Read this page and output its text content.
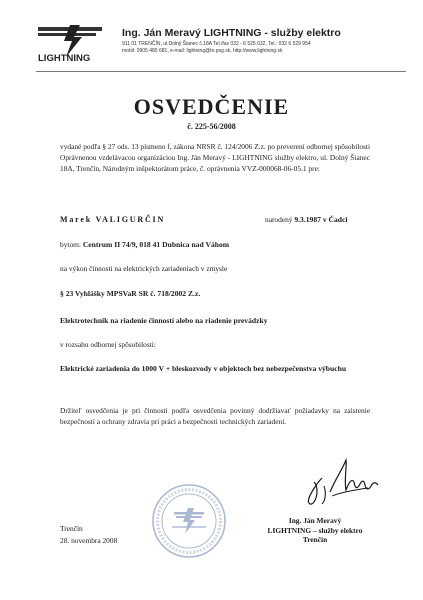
LIGHTNING
Ing. Ján Meravý LIGHTNING - služby elektro
911 01 TRENČÍN, ul.Dolný Šianec č.18A Tel./fax 032 - 6 525 032, Tel.: 032 6 529 954
mobil: 0905 480 681, e-mail: lightning@tn.psg.sk, http://www.lightning.sk
OSVEDČENIE
č. 225-56/2008
vydané podľa § 27 ods. 13 písmeno f, zákona NRSR č. 124/2006 Z.z. po preverení odbornej spôsobilosti Oprávnenou vzdelávacou organizáciou Ing. Ján Meravý - LIGHTNING služby elektro, ul. Dolný Šianec 18A, Trenčín, Národným inšpektorátom práce, č. oprávnenia VVZ-000068-06-05.1 pre:
Marek VALIGURČIN	narodený 9.3.1987 v Čadci
bytom: Centrum II 74/9, 018 41 Dubnica nad Váhom
na výkon činnosti na elektrických zariadeniach v zmysle
§ 23 Vyhlášky MPSVaR SR č. 718/2002 Z.z.
Elektrotechnik na riadenie činností alebo na riadenie prevádzky
v rozsahu odbornej spôsobilosti:
Elektrické zariadenia do 1000 V + bleskozvody v objektoch bez nebezpečenstva výbuchu
Držiteľ osvedčenia je pri činnosti podľa osvedčenia povinný dodržiavať požiadavky na zaistenie bezpečnosti a ochrany zdravia pri práci a bezpečnosti technických zariadení.
Trenčín
28. novembra 2008
Ing. Ján Meravý
LIGHTNING – služby elektro
Trenčín
